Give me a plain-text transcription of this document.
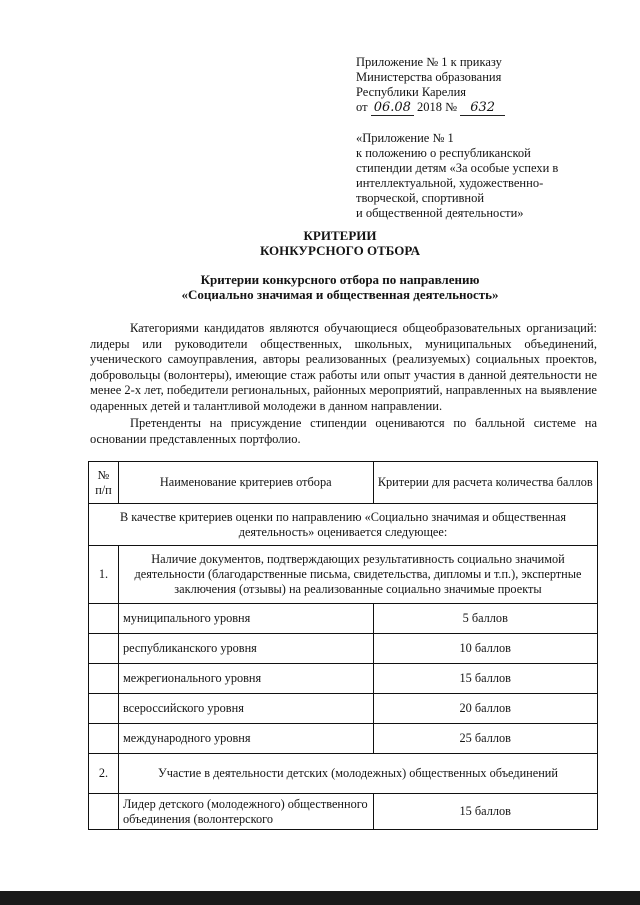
Приложение № 1 к приказу
Министерства образования
Республики Карелия
от 06.08 2018 № 632
«Приложение № 1
к положению о республиканской
стипендии детям «За особые успехи в
интеллектуальной, художественно-
творческой, спортивной
и общественной деятельности»
КРИТЕРИИ
КОНКУРСНОГО ОТБОРА
Критерии конкурсного отбора по направлению
«Социально значимая и общественная деятельность»
Категориями кандидатов являются обучающиеся общеобразовательных организаций: лидеры или руководители общественных, школьных, муниципальных объединений, ученического самоуправления, авторы реализованных (реализуемых) социальных проектов, добровольцы (волонтеры), имеющие стаж работы или опыт участия в данной деятельности не менее 2-х лет, победители региональных, районных мероприятий, направленных на выявление одаренных детей и талантливой молодежи в данном направлении.
Претенденты на присуждение стипендии оцениваются по балльной системе на основании представленных портфолио.
№ п/п	Наименование критериев отбора	Критерии для расчета количества баллов
В качестве критериев оценки по направлению «Социально значимая и общественная деятельность» оценивается следующее:		
1.	Наличие документов, подтверждающих результативность социально значимой деятельности (благодарственные письма, свидетельства, дипломы и т.п.), экспертные заключения (отзывы) на реализованные социально значимые проекты	
	муниципального уровня	5 баллов
	республиканского уровня	10 баллов
	межрегионального уровня	15 баллов
	всероссийского уровня	20 баллов
	международного уровня	25 баллов
2.	Участие в деятельности детских (молодежных) общественных объединений	
	Лидер детского (молодежного) общественного объединения (волонтерского	15 баллов
